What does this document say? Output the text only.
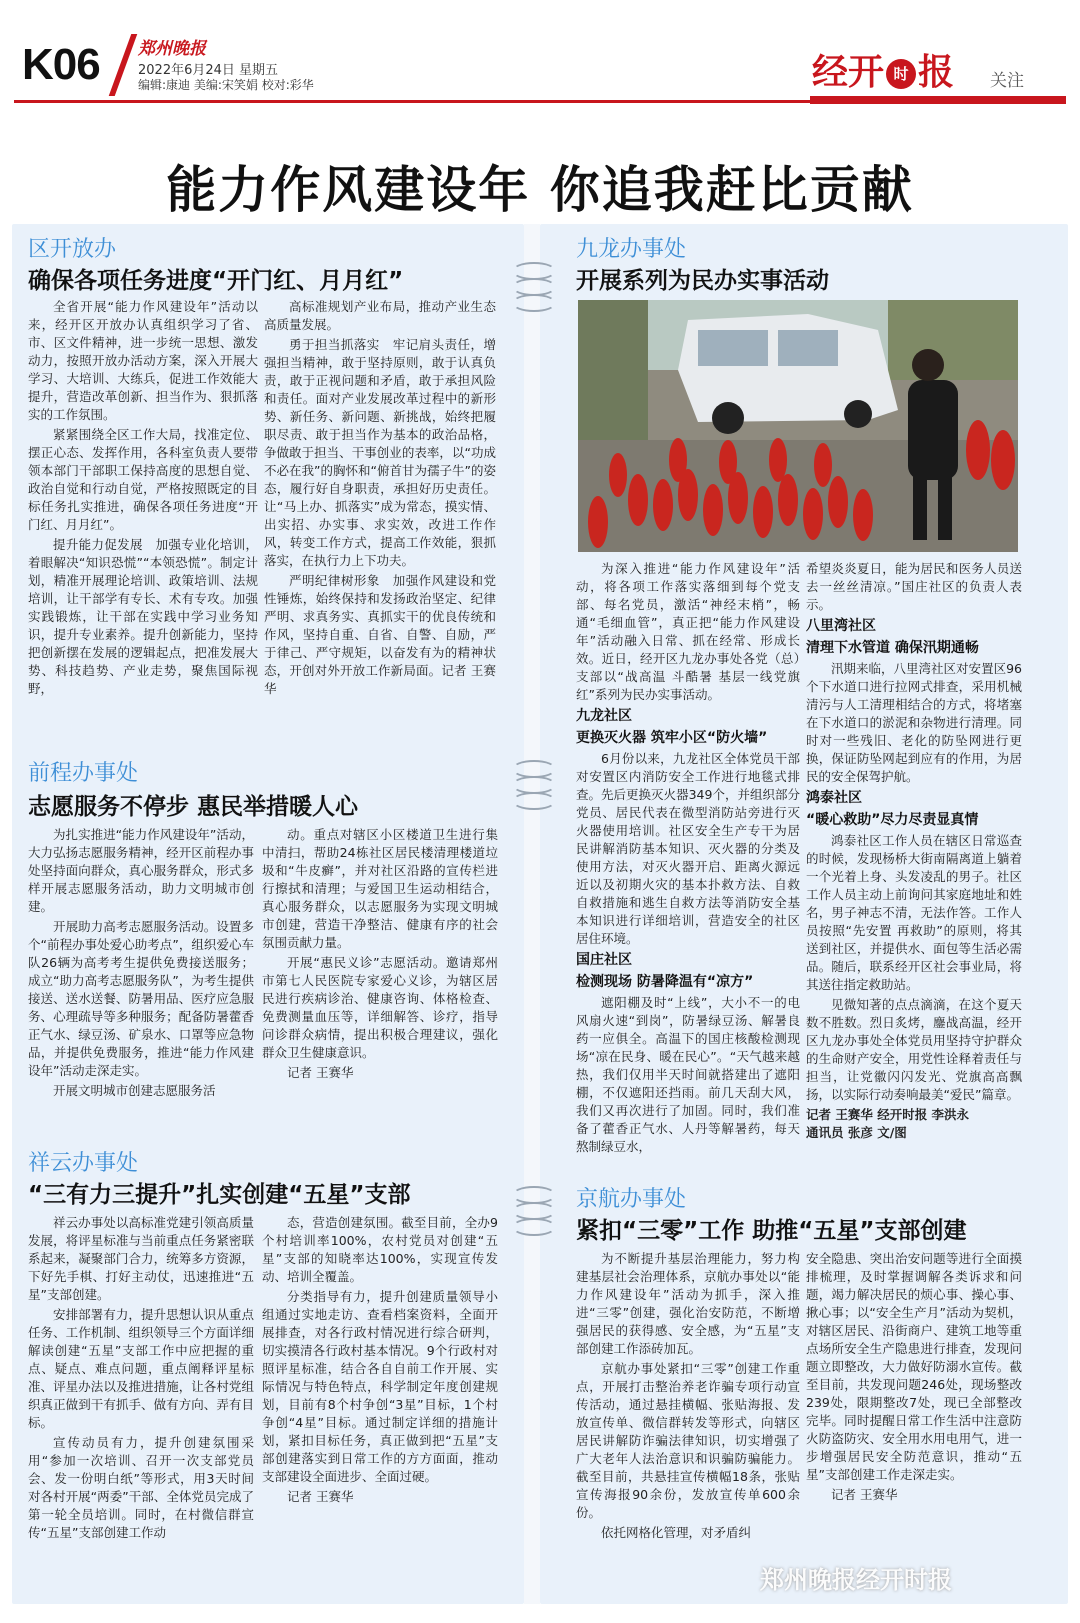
K06 郑州晚报
2022年6月24日 星期五
编辑:康迪 美编:宋笑娟 校对:彩华	经开 时 报 关注
能力作风建设年 你追我赶比贡献
区开放办
确保各项任务进度“开门红、月月红”

全省开展“能力作风建设年”活动以来，经开区开放办认真组织学习了省、市、区文件精神，进一步统一思想、激发动力，按照开放办活动方案，深入开展大学习、大培训、大练兵，促进工作效能大提升，营造改革创新、担当作为、狠抓落实的工作氛围。

紧紧围绕全区工作大局，找准定位、摆正心态、发挥作用，各科室负责人要带领本部门干部职工保持高度的思想自觉、政治自觉和行动自觉，严格按照既定的目标任务扎实推进，确保各项任务进度“开门红、月月红”。

提升能力促发展　加强专业化培训，着眼解决“知识恐慌”“本领恐慌”。制定计划，精准开展理论培训、政策培训、法规培训，让干部学有专长、术有专攻。加强实践锻炼，让干部在实践中学习业务知识，提升专业素养。提升创新能力，坚持把创新摆在发展的逻辑起点，把准发展大势、科技趋势、产业走势，聚焦国际视野，

高标准规划产业布局，推动产业生态高质量发展。

勇于担当抓落实　牢记肩头责任，增强担当精神，敢于坚持原则，敢于认真负责，敢于正视问题和矛盾，敢于承担风险和责任。面对产业发展改革过程中的新形势、新任务、新问题、新挑战，始终把履职尽责、敢于担当作为基本的政治品格，争做敢于担当、干事创业的表率，以“功成不必在我”的胸怀和“俯首甘为孺子牛”的姿态，履行好自身职责，承担好历史责任。让“马上办、抓落实”成为常态，摸实情、出实招、办实事、求实效，改进工作作风，转变工作方式，提高工作效能，狠抓落实，在执行力上下功夫。

严明纪律树形象　加强作风建设和党性锤炼，始终保持和发扬政治坚定、纪律严明、求真务实、真抓实干的优良传统和作风，坚持自重、自省、自警、自励，严于律己、严守规矩，以奋发有为的精神状态，开创对外开放工作新局面。记者 王赛华

前程办事处
志愿服务不停步 惠民举措暖人心

为扎实推进“能力作风建设年”活动，大力弘扬志愿服务精神，经开区前程办事处坚持面向群众，真心服务群众，形式多样开展志愿服务活动，助力文明城市创建。

开展助力高考志愿服务活动。设置多个“前程办事处爱心助考点”，组织爱心车队26辆为高考考生提供免费接送服务；成立“助力高考志愿服务队”，为考生提供接送、送水送餐、防暑用品、医疗应急服务、心理疏导等多种服务；配备防暑藿香正气水、绿豆汤、矿泉水、口罩等应急物品，并提供免费服务，推进“能力作风建设年”活动走深走实。

开展文明城市创建志愿服务活

动。重点对辖区小区楼道卫生进行集中清扫，帮助24栋社区居民楼清理楼道垃圾和“牛皮癣”，并对社区沿路的宣传栏进行擦拭和清理；与爱国卫生运动相结合，真心服务群众，以志愿服务为实现文明城市创建，营造干净整洁、健康有序的社会氛围贡献力量。

开展“惠民义诊”志愿活动。邀请郑州市第七人民医院专家爱心义诊，为辖区居民进行疾病诊治、健康咨询、体格检查、免费测量血压等，详细解答、诊疗，指导问诊群众病情，提出积极合理建议，强化群众卫生健康意识。

记者 王赛华

祥云办事处
“三有力三提升”扎实创建“五星”支部

祥云办事处以高标准党建引领高质量发展，将评星标准与当前重点任务紧密联系起来，凝聚部门合力，统筹多方资源，下好先手棋、打好主动仗，迅速推进“五星”支部创建。

安排部署有力，提升思想认识从重点任务、工作机制、组织领导三个方面详细解读创建“五星”支部工作中应把握的重点、疑点、难点问题，重点阐释评星标准、评星办法以及推进措施，让各村党组织真正做到干有抓手、做有方向、弄有目标。

宣传动员有力，提升创建氛围采用“参加一次培训、召开一次支部党员会、发一份明白纸”等形式，用3天时间对各村开展“两委”干部、全体党员完成了第一轮全员培训。同时，在村微信群宣传“五星”支部创建工作动

态，营造创建氛围。截至目前，全办9个村培训率100%，农村党员对创建“五星”支部的知晓率达100%，实现宣传发动、培训全覆盖。

分类指导有力，提升创建质量领导小组通过实地走访、查看档案资料，全面开展排查，对各行政村情况进行综合研判，切实摸清各行政村基本情况。9个行政村对照评星标准，结合各自自前工作开展、实际情况与特色特点，科学制定年度创建规划，目前有8个村争创“3星”目标，1个村争创“4星”目标。通过制定详细的措施计划，紧扣目标任务，真正做到把“五星”支部创建落实到日常工作的方方面面，推动支部建设全面进步、全面过硬。

记者 王赛华

九龙办事处
开展系列为民办实事活动

为深入推进“能力作风建设年”活动，将各项工作落实落细到每个党支部、每名党员，激活“神经末梢”，畅通“毛细血管”，真正把“能力作风建设年”活动融入日常、抓在经常、形成长效。近日，经开区九龙办事处各党（总）支部以“战高温 斗酷暑 基层一线党旗红”系列为民办实事活动。

九龙社区
更换灭火器 筑牢小区“防火墙”

6月份以来，九龙社区全体党员干部对安置区内消防安全工作进行地毯式排查。先后更换灭火器349个，并组织部分党员、居民代表在微型消防站旁进行灭火器使用培训。社区安全生产专干为居民讲解消防基本知识、灭火器的分类及使用方法，对灭火器开启、距离火源远近以及初期火灾的基本扑救方法、自救自救措施和逃生自救方法等消防安全基本知识进行详细培训，营造安全的社区居住环境。

国庄社区
检测现场 防暑降温有“凉方”

遮阳棚及时“上线”，大小不一的电风扇火速“到岗”，防暑绿豆汤、解暑良药一应俱全。高温下的国庄核酸检测现场“凉在民身、暖在民心”。“天气越来越热，我们仅用半天时间就搭建出了遮阳棚，不仅遮阳还挡雨。前几天刮大风，我们又再次进行了加固。同时，我们准备了藿香正气水、人丹等解暑药，每天熬制绿豆水，

希望炎炎夏日，能为居民和医务人员送去一丝丝清凉。”国庄社区的负责人表示。

八里湾社区
清理下水管道 确保汛期通畅

汛期来临，八里湾社区对安置区96个下水道口进行拉网式排查，采用机械清污与人工清理相结合的方式，将堵塞在下水道口的淤泥和杂物进行清理。同时对一些残旧、老化的防坠网进行更换，保证防坠网起到应有的作用，为居民的安全保驾护航。

鸿泰社区
“暖心救助”尽力尽责显真情

鸿泰社区工作人员在辖区日常巡查的时候，发现杨桥大街南隔离道上躺着一个光着上身、头发凌乱的男子。社区工作人员主动上前询问其家庭地址和姓名，男子神志不清，无法作答。工作人员按照“先安置 再救助”的原则，将其送到社区，并提供水、面包等生活必需品。随后，联系经开区社会事业局，将其送往指定救助站。

见微知著的点点滴滴，在这个夏天数不胜数。烈日炙烤，鏖战高温，经开区九龙办事处全体党员用坚持守护群众的生命财产安全，用党性诠释着责任与担当，让党徽闪闪发光、党旗高高飘扬，以实际行动奏响最美“爱民”篇章。

记者 王赛华 经开时报 李洪永
通讯员 张彦 文/图
京航办事处
紧扣“三零”工作 助推“五星”支部创建

为不断提升基层治理能力，努力构建基层社会治理体系，京航办事处以“能力作风建设年”活动为抓手，深入推进“三零”创建，强化治安防范，不断增强居民的获得感、安全感，为“五星”支部创建工作添砖加瓦。

京航办事处紧扣“三零”创建工作重点，开展打击整治养老诈骗专项行动宣传活动，通过悬挂横幅、张贴海报、发放宣传单、微信群转发等形式，向辖区居民讲解防诈骗法律知识，切实增强了广大老年人法治意识和识骗防骗能力。截至目前，共悬挂宣传横幅18条，张贴宣传海报90余份，发放宣传单600余份。

依托网格化管理，对矛盾纠

安全隐患、突出治安问题等进行全面摸排梳理，及时掌握调解各类诉求和问题，竭力解决居民的烦心事、操心事、揪心事；以“安全生产月”活动为契机，对辖区居民、沿街商户、建筑工地等重点场所安全生产隐患进行排查，发现问题立即整改，大力做好防溺水宣传。截至目前，共发现问题246处，现场整改239处，限期整改7处，现已全部整改完毕。同时提醒日常工作生活中注意防火防盗防灾、安全用水用电用气，进一步增强居民安全防范意识，推动“五星”支部创建工作走深走实。

记者 王赛华

郑州晚报经开时报
